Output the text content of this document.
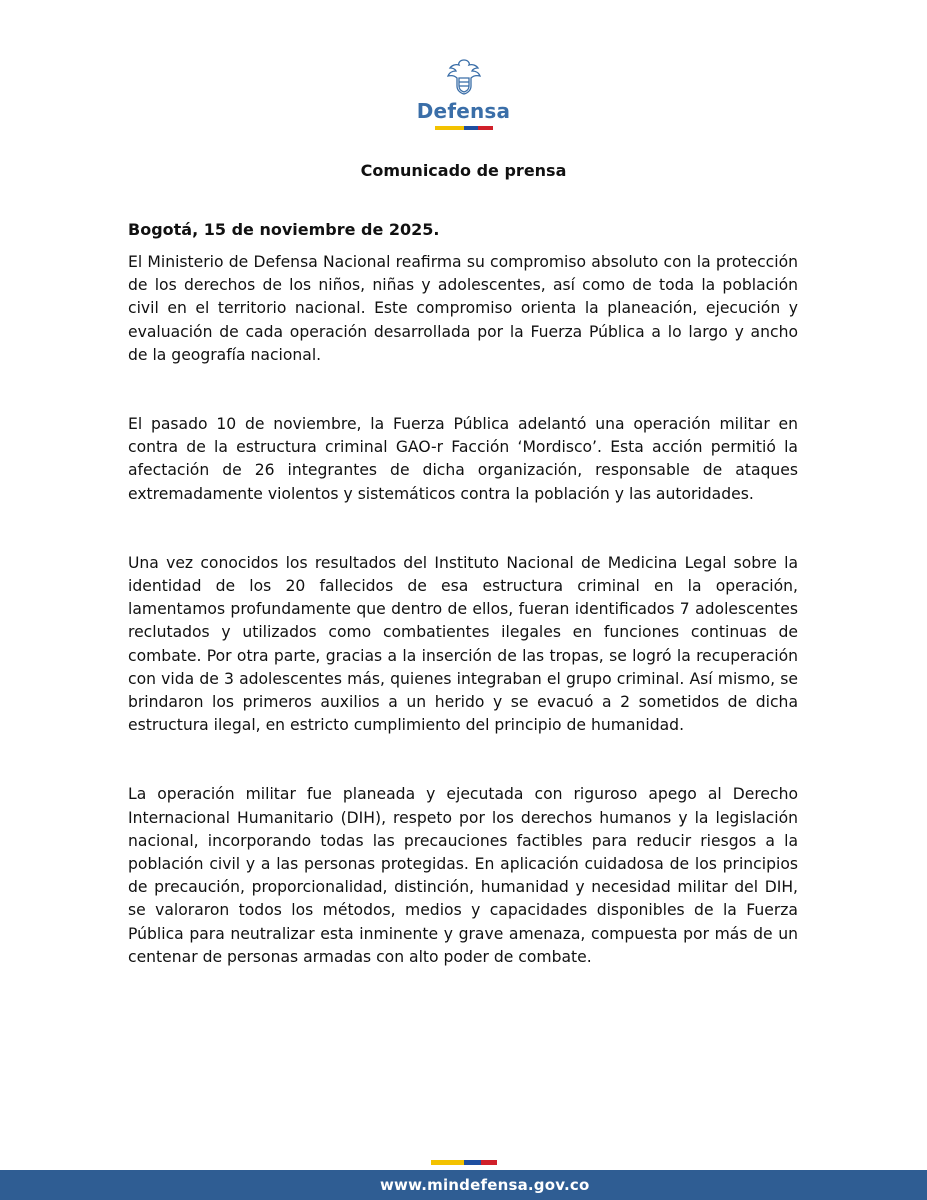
Defensa
Comunicado de prensa

Bogotá, 15 de noviembre de 2025.

El Ministerio de Defensa Nacional reafirma su compromiso absoluto con la protección de los derechos de los niños, niñas y adolescentes, así como de toda la población civil en el territorio nacional. Este compromiso orienta la planeación, ejecución y evaluación de cada operación desarrollada por la Fuerza Pública a lo largo y ancho de la geografía nacional.

El pasado 10 de noviembre, la Fuerza Pública adelantó una operación militar en contra de la estructura criminal GAO-r Facción ‘Mordisco’. Esta acción permitió la afectación de 26 integrantes de dicha organización, responsable de ataques extremadamente violentos y sistemáticos contra la población y las autoridades.

Una vez conocidos los resultados del Instituto Nacional de Medicina Legal sobre la identidad de los 20 fallecidos de esa estructura criminal en la operación, lamentamos profundamente que dentro de ellos, fueran identificados 7 adolescentes reclutados y utilizados como combatientes ilegales en funciones continuas de combate. Por otra parte, gracias a la inserción de las tropas, se logró la recuperación con vida de 3 adolescentes más, quienes integraban el grupo criminal. Así mismo, se brindaron los primeros auxilios a un herido y se evacuó a 2 sometidos de dicha estructura ilegal, en estricto cumplimiento del principio de humanidad.

La operación militar fue planeada y ejecutada con riguroso apego al Derecho Internacional Humanitario (DIH), respeto por los derechos humanos y la legislación nacional, incorporando todas las precauciones factibles para reducir riesgos a la población civil y a las personas protegidas. En aplicación cuidadosa de los principios de precaución, proporcionalidad, distinción, humanidad y necesidad militar del DIH, se valoraron todos los métodos, medios y capacidades disponibles de la Fuerza Pública para neutralizar esta inminente y grave amenaza, compuesta por más de un centenar de personas armadas con alto poder de combate.

www.mindefensa.gov.co
